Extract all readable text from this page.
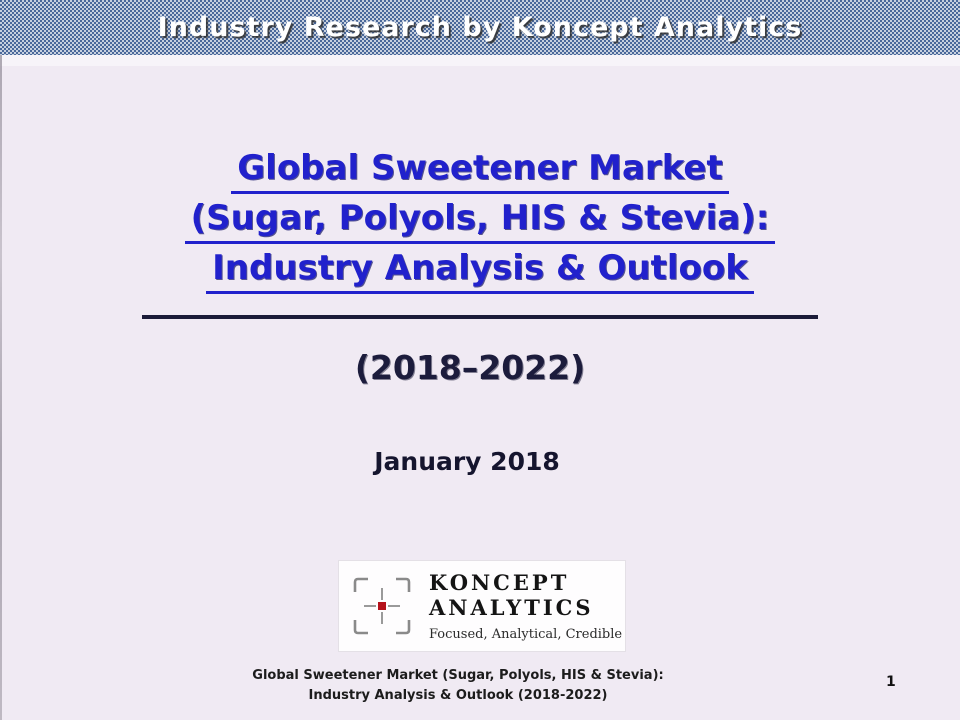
Industry Research by Koncept Analytics
Global Sweetener Market
(Sugar, Polyols, HIS & Stevia):
Industry Analysis & Outlook
(2018–2022)
January 2018
KONCEPT
ANALYTICS
Focused, Analytical, Credible
Global Sweetener Market (Sugar, Polyols, HIS & Stevia):
Industry Analysis & Outlook (2018-2022)
1
